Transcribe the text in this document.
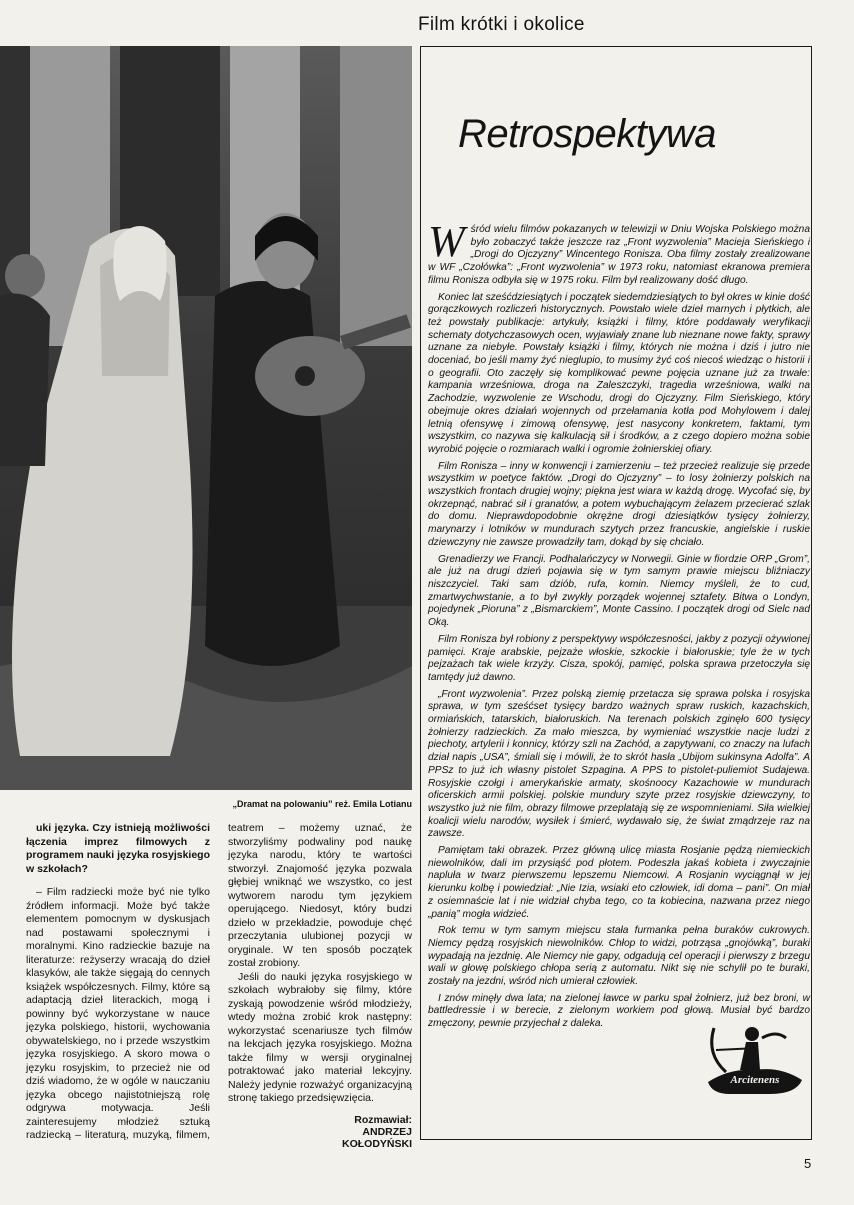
Film krótki i okolice
„Dramat na polowaniu” reż. Emila Lotianu

uki języka. Czy istnieją możliwości łączenia imprez filmowych z programem nauki języka rosyjskiego w szkołach?

– Film radziecki może być nie tylko źródłem informacji. Może być także elementem pomocnym w dyskusjach nad postawami społecznymi i moralnymi. Kino radzieckie bazuje na literaturze: reżyserzy wracają do dzieł klasyków, ale także sięgają do cennych książek współczesnych. Filmy, które są adaptacją dzieł literackich, mogą i powinny być wykorzystane w nauce języka polskiego, historii, wychowania obywatelskiego, no i przede wszystkim języka rosyjskiego. A skoro mowa o języku rosyjskim, to przecież nie od dziś wiadomo, że w ogóle w nauczaniu języka obcego najistotniejszą rolę odgrywa motywacja. Jeśli zainteresujemy młodzież sztuką radziecką – literaturą, muzyką, filmem, teatrem – możemy uznać, że stworzyliśmy podwaliny pod naukę języka narodu, który te wartości stworzył. Znajomość języka pozwala głębiej wniknąć we wszystko, co jest wytworem narodu tym językiem operującego. Niedosyt, który budzi dzieło w przekładzie, powoduje chęć przeczytania ulubionej pozycji w oryginale. W ten sposób początek został zrobiony.

Jeśli do nauki języka rosyjskiego w szkołach wybrałoby się filmy, które zyskają powodzenie wśród młodzieży, wtedy można zrobić krok następny: wykorzystać scenariusze tych filmów na lekcjach języka rosyjskiego. Można także filmy w wersji oryginalnej potraktować jako materiał lekcyjny. Należy jedynie rozważyć organizacyjną stronę takiego przedsięwzięcia.

Rozmawiał:
ANDRZEJ
KOŁODYŃSKI
Retrospektywa

Wśród wielu filmów pokazanych w telewizji w Dniu Wojska Polskiego można było zobaczyć także jeszcze raz „Front wyzwolenia” Macieja Sieńskiego i „Drogi do Ojczyzny” Wincentego Ronisza. Oba filmy zostały zrealizowane w WF „Czołówka”: „Front wyzwolenia” w 1973 roku, natomiast ekranowa premiera filmu Ronisza odbyła się w 1975 roku. Film był realizowany dość długo.

Koniec lat sześćdziesiątych i początek siedemdziesiątych to był okres w kinie dość gorączkowych rozliczeń historycznych. Powstało wiele dzieł marnych i płytkich, ale też powstały publikacje: artykuły, książki i filmy, które poddawały weryfikacji schematy dotychczasowych ocen, wyjawiały znane lub nieznane nowe fakty, sprawy uznane za niebyłe. Powstały książki i filmy, których nie można i dziś i jutro nie doceniać, bo jeśli mamy żyć nieglupio, to musimy żyć coś niecoś wiedząc o historii i o geografii. Oto zaczęły się komplikować pewne pojęcia uznane już za trwałe: kampania wrześniowa, droga na Zaleszczyki, tragedia wrześniowa, walki na Zachodzie, wyzwolenie ze Wschodu, drogi do Ojczyzny. Film Sieńskiego, który obejmuje okres działań wojennych od przełamania kotła pod Mohylowem i dalej letnią ofensywę i zimową ofensywę, jest nasycony konkretem, faktami, tym wszystkim, co nazywa się kalkulacją sił i środków, a z czego dopiero można sobie wyrobić pojęcie o rozmiarach walki i ogromie żołnierskiej ofiary.

Film Ronisza – inny w konwencji i zamierzeniu – też przecież realizuje się przede wszystkim w poetyce faktów. „Drogi do Ojczyzny” – to losy żołnierzy polskich na wszystkich frontach drugiej wojny; piękna jest wiara w każdą drogę. Wycofać się, by okrzepnąć, nabrać sił i granatów, a potem wybuchającym żelazem przecierać szlak do domu. Nieprawdopodobnie okrężne drogi dziesiątków tysięcy żołnierzy, marynarzy i lotników w mundurach szytych przez francuskie, angielskie i ruskie dziewczyny nie zawsze prowadziły tam, dokąd by się chciało.

Grenadierzy we Francji. Podhalańczycy w Norwegii. Ginie w fiordzie ORP „Grom”, ale już na drugi dzień pojawia się w tym samym prawie miejscu bliźniaczy niszczyciel. Taki sam dziób, rufa, komin. Niemcy myśleli, że to cud, zmartwychwstanie, a to był zwykły porządek wojennej sztafety. Bitwa o Londyn, pojedynek „Pioruna” z „Bismarckiem”, Monte Cassino. I początek drogi od Sielc nad Oką.

Film Ronisza był robiony z perspektywy współczesności, jakby z pozycji ożywionej pamięci. Kraje arabskie, pejzaże włoskie, szkockie i białoruskie; tyle że w tych pejzażach tak wiele krzyży. Cisza, spokój, pamięć, polska sprawa przetoczyła się tamtędy już dawno.

„Front wyzwolenia”. Przez polską ziemię przetacza się sprawa polska i rosyjska sprawa, w tym sześćset tysięcy bardzo ważnych spraw ruskich, kazachskich, ormiańskich, tatarskich, białoruskich. Na terenach polskich zginęło 600 tysięcy żołnierzy radzieckich. Za mało mieszca, by wymieniać wszystkie nacje ludzi z piechoty, artylerii i konnicy, którzy szli na Zachód, a zapytywani, co znaczy na lufach dział napis „USA”, śmiali się i mówili, że to skrót hasła „Ubijom sukinsyna Adolfa”. A PPSz to już ich własny pistolet Szpagina. A PPS to pistolet-puliemiot Sudajewa. Rosyjskie czołgi i amerykańskie armaty, skośnoocy Kazachowie w mundurach oficerskich armii polskiej. polskie mundury szyte przez rosyjskie dziewczyny, to wszystko już nie film, obrazy filmowe przeplatają się ze wspomnieniami. Siła wielkiej koalicji wielu narodów, wysiłek i śmierć, wydawało się, że świat zmądrzeje raz na zawsze.

Pamiętam taki obrazek. Przez główną ulicę miasta Rosjanie pędzą niemieckich niewolników, dali im przysiąść pod płotem. Podeszła jakaś kobieta i zwyczajnie napluła w twarz pierwszemu lepszemu Niemcowi. A Rosjanin wyciągnął w jej kierunku kolbę i powiedział: „Nie Izia, wsiaki eto człowiek, idi doma – pani”. On miał z osiemnaście lat i nie widział chyba tego, co ta kobiecina, nazwana przez niego „panią” mogła widzieć.

Rok temu w tym samym miejscu stała furmanka pełna buraków cukrowych. Niemcy pędzą rosyjskich niewolników. Chłop to widzi, potrząsa „gnojówką”, buraki wypadają na jezdnię. Ale Niemcy nie gapy, odgadują cel operacji i pierwszy z brzegu wali w głowę polskiego chłopa serią z automatu. Nikt się nie schylił po te buraki, zostały na jezdni, wśród nich umierał człowiek.

I znów minęły dwa lata; na zielonej ławce w parku spał żołnierz, już bez broni, w battledressie i w berecie, z zielonym workiem pod głową. Musiał być bardzo zmęczony, pewnie przyjechał z daleka.

Arcitenens
5
